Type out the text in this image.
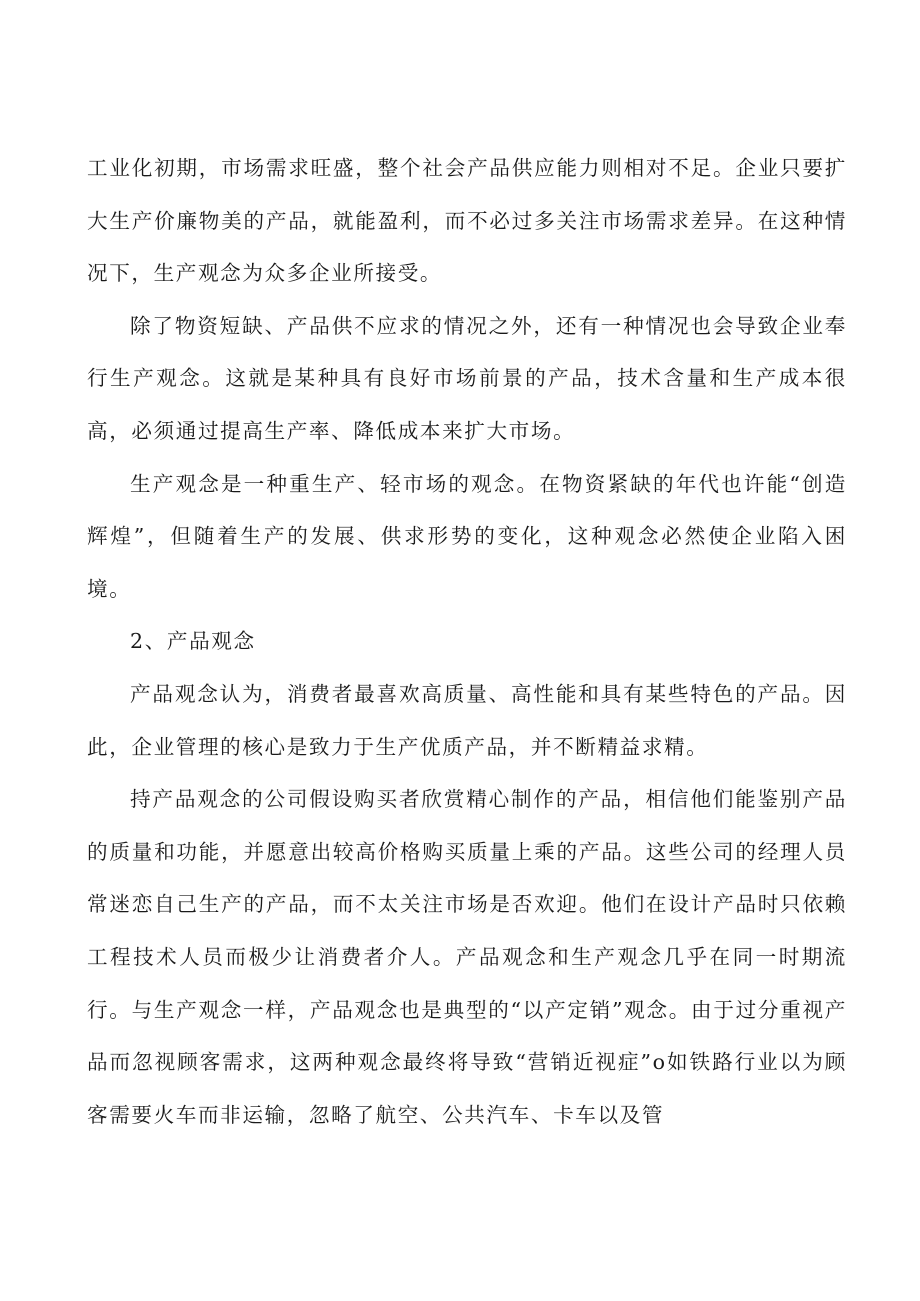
工业化初期，市场需求旺盛，整个社会产品供应能力则相对不足。企业只要扩大生产价廉物美的产品，就能盈利，而不必过多关注市场需求差异。在这种情况下，生产观念为众多企业所接受。

除了物资短缺、产品供不应求的情况之外，还有一种情况也会导致企业奉行生产观念。这就是某种具有良好市场前景的产品，技术含量和生产成本很高，必须通过提高生产率、降低成本来扩大市场。

生产观念是一种重生产、轻市场的观念。在物资紧缺的年代也许能“创造辉煌”，但随着生产的发展、供求形势的变化，这种观念必然使企业陷入困境。

2、产品观念

产品观念认为，消费者最喜欢高质量、高性能和具有某些特色的产品。因此，企业管理的核心是致力于生产优质产品，并不断精益求精。

持产品观念的公司假设购买者欣赏精心制作的产品，相信他们能鉴别产品的质量和功能，并愿意出较高价格购买质量上乘的产品。这些公司的经理人员常迷恋自己生产的产品，而不太关注市场是否欢迎。他们在设计产品时只依赖工程技术人员而极少让消费者介人。产品观念和生产观念几乎在同一时期流行。与生产观念一样，产品观念也是典型的“以产定销”观念。由于过分重视产品而忽视顾客需求，这两种观念最终将导致“营销近视症”o如铁路行业以为顾客需要火车而非运输，忽略了航空、公共汽车、卡车以及管
